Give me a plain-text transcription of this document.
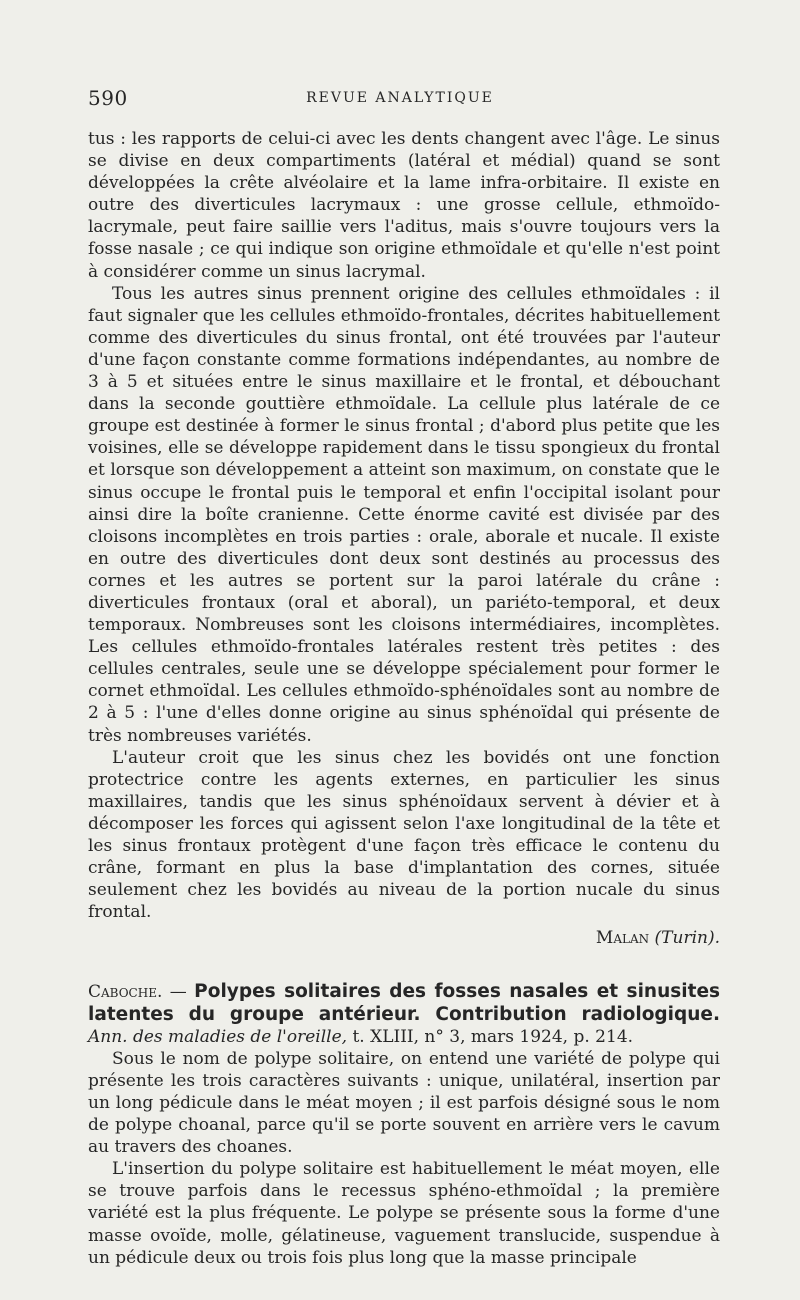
590	REVUE ANALYTIQUE

tus : les rapports de celui-ci avec les dents changent avec l'âge. Le sinus se divise en deux compartiments (latéral et médial) quand se sont développées la crête alvéolaire et la lame infra-orbitaire. Il existe en outre des diverticules lacrymaux : une grosse cellule, ethmoïdo-lacrymale, peut faire saillie vers l'aditus, mais s'ouvre toujours vers la fosse nasale ; ce qui indique son origine ethmoïdale et qu'elle n'est point à considérer comme un sinus lacrymal.

Tous les autres sinus prennent origine des cellules ethmoïdales : il faut signaler que les cellules ethmoïdo-frontales, décrites habituellement comme des diverticules du sinus frontal, ont été trouvées par l'auteur d'une façon constante comme formations indépendantes, au nombre de 3 à 5 et situées entre le sinus maxillaire et le frontal, et débouchant dans la seconde gouttière ethmoïdale. La cellule plus latérale de ce groupe est destinée à former le sinus frontal ; d'abord plus petite que les voisines, elle se développe rapidement dans le tissu spongieux du frontal et lorsque son développement a atteint son maximum, on constate que le sinus occupe le frontal puis le temporal et enfin l'occipital isolant pour ainsi dire la boîte cranienne. Cette énorme cavité est divisée par des cloisons incomplètes en trois parties : orale, aborale et nucale. Il existe en outre des diverticules dont deux sont destinés au processus des cornes et les autres se portent sur la paroi latérale du crâne : diverticules frontaux (oral et aboral), un pariéto-temporal, et deux temporaux. Nombreuses sont les cloisons intermédiaires, incomplètes. Les cellules ethmoïdo-frontales latérales restent très petites : des cellules centrales, seule une se développe spécialement pour former le cornet ethmoïdal. Les cellules ethmoïdo-sphénoïdales sont au nombre de 2 à 5 : l'une d'elles donne origine au sinus sphénoïdal qui présente de très nombreuses variétés.

L'auteur croit que les sinus chez les bovidés ont une fonction protectrice contre les agents externes, en particulier les sinus maxillaires, tandis que les sinus sphénoïdaux servent à dévier et à décomposer les forces qui agissent selon l'axe longitudinal de la tête et les sinus frontaux protègent d'une façon très efficace le contenu du crâne, formant en plus la base d'implantation des cornes, située seulement chez les bovidés au niveau de la portion nucale du sinus frontal.

Malan (Turin).

Caboche. — Polypes solitaires des fosses nasales et sinusites latentes du groupe antérieur. Contribution radiologique. Ann. des maladies de l'oreille, t. XLIII, n° 3, mars 1924, p. 214.

Sous le nom de polype solitaire, on entend une variété de polype qui présente les trois caractères suivants : unique, unilatéral, insertion par un long pédicule dans le méat moyen ; il est parfois désigné sous le nom de polype choanal, parce qu'il se porte souvent en arrière vers le cavum au travers des choanes.

L'insertion du polype solitaire est habituellement le méat moyen, elle se trouve parfois dans le recessus sphéno-ethmoïdal ; la première variété est la plus fréquente. Le polype se présente sous la forme d'une masse ovoïde, molle, gélatineuse, vaguement translucide, suspendue à un pédicule deux ou trois fois plus long que la masse principale
